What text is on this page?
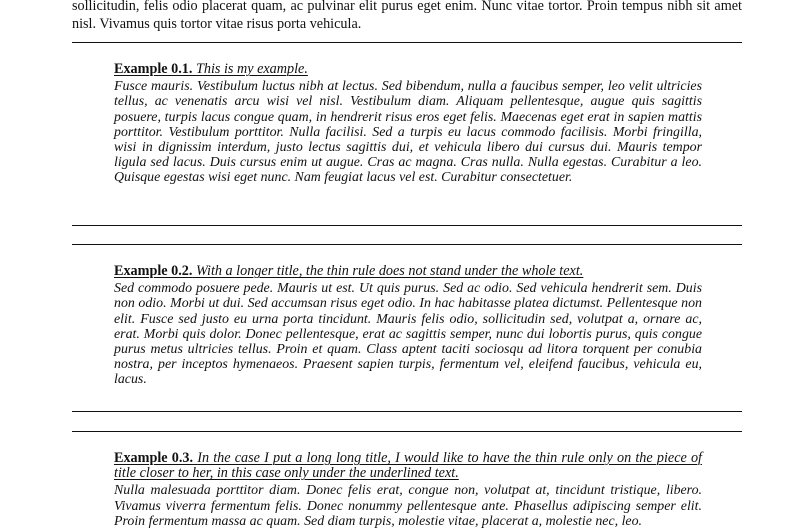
sollicitudin, felis odio placerat quam, ac pulvinar elit purus eget enim. Nunc vitae tortor. Proin tempus nibh sit amet nisl. Vivamus quis tortor vitae risus porta vehicula.

Example 0.1. This is my example.

Fusce mauris. Vestibulum luctus nibh at lectus. Sed bibendum, nulla a faucibus semper, leo velit ultricies tellus, ac venenatis arcu wisi vel nisl. Vestibulum diam. Aliquam pellentesque, augue quis sagittis posuere, turpis lacus congue quam, in hendrerit risus eros eget felis. Maecenas eget erat in sapien mattis porttitor. Vestibulum porttitor. Nulla facilisi. Sed a turpis eu lacus commodo facilisis. Morbi fringilla, wisi in dignissim interdum, justo lectus sagittis dui, et vehicula libero dui cursus dui. Mauris tempor ligula sed lacus. Duis cursus enim ut augue. Cras ac magna. Cras nulla. Nulla egestas. Curabitur a leo. Quisque egestas wisi eget nunc. Nam feugiat lacus vel est. Curabitur consectetuer.

Example 0.2. With a longer title, the thin rule does not stand under the whole text.

Sed commodo posuere pede. Mauris ut est. Ut quis purus. Sed ac odio. Sed vehicula hendrerit sem. Duis non odio. Morbi ut dui. Sed accumsan risus eget odio. In hac habitasse platea dictumst. Pellentesque non elit. Fusce sed justo eu urna porta tincidunt. Mauris felis odio, sollicitudin sed, volutpat a, ornare ac, erat. Morbi quis dolor. Donec pellentesque, erat ac sagittis semper, nunc dui lobortis purus, quis congue purus metus ultricies tellus. Proin et quam. Class aptent taciti sociosqu ad litora torquent per conubia nostra, per inceptos hymenaeos. Praesent sapien turpis, fermentum vel, eleifend faucibus, vehicula eu, lacus.

Example 0.3. In the case I put a long long title, I would like to have the thin rule only on the piece of title closer to her, in this case only under the underlined text.

Nulla malesuada porttitor diam. Donec felis erat, congue non, volutpat at, tincidunt tristique, libero. Vivamus viverra fermentum felis. Donec nonummy pellentesque ante. Phasellus adipiscing semper elit. Proin fermentum massa ac quam. Sed diam turpis, molestie vitae, placerat a, molestie nec, leo.
